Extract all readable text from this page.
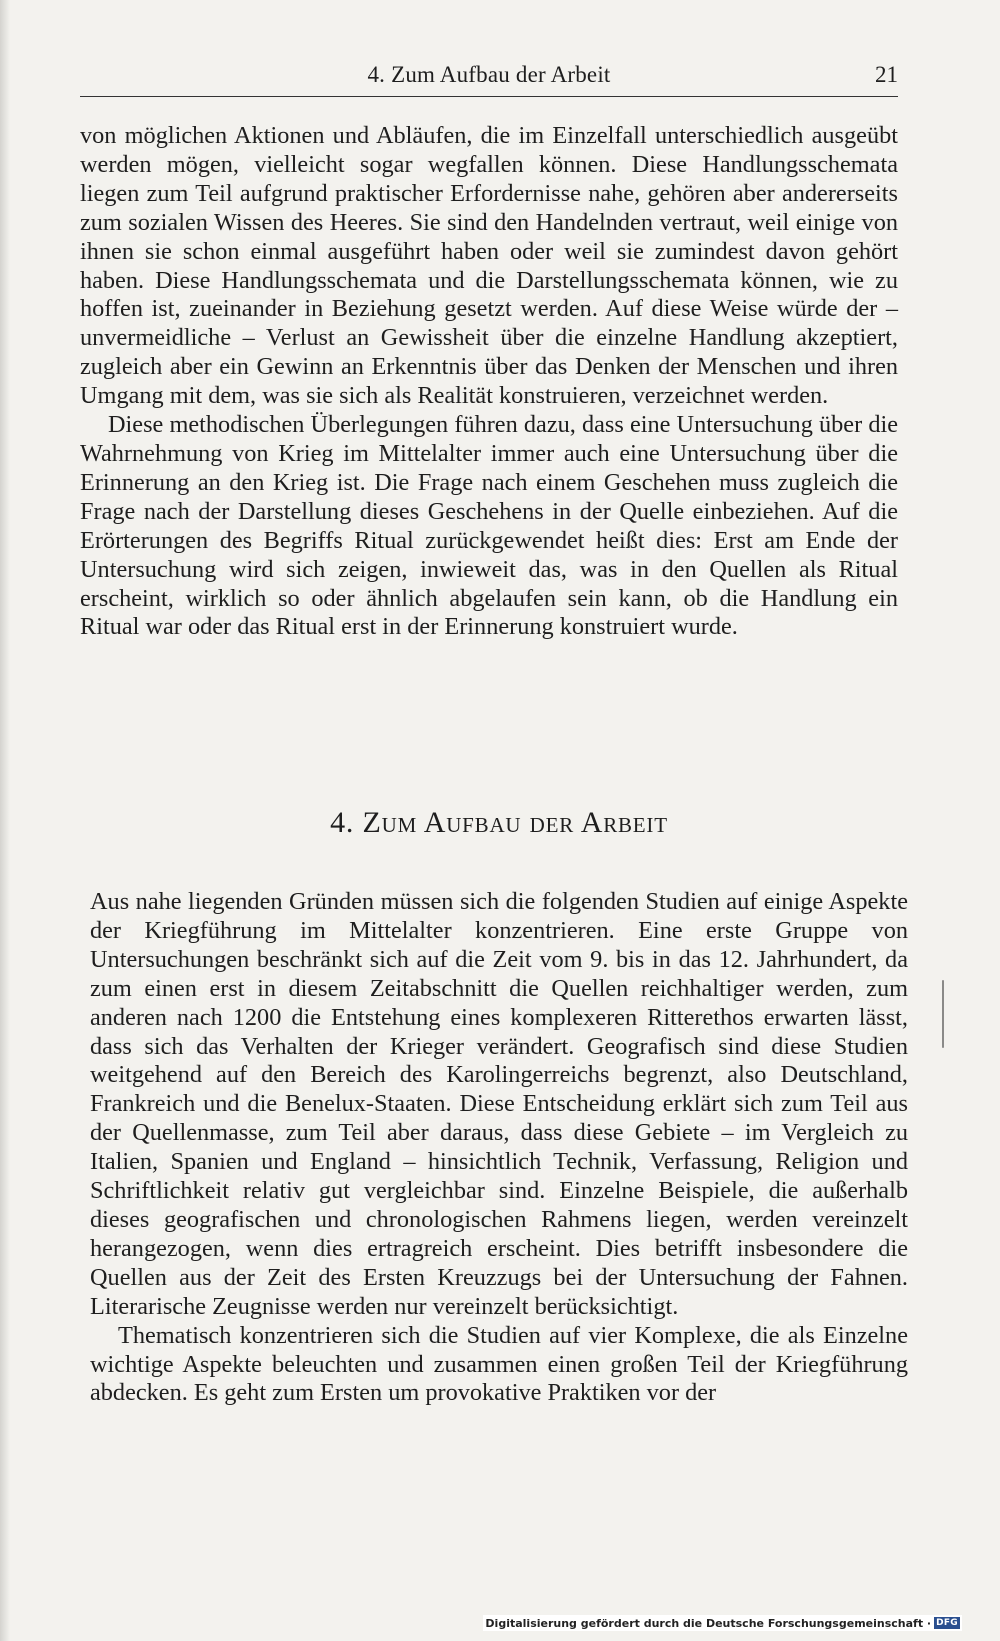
4. Zum Aufbau der Arbeit	21

von möglichen Aktionen und Abläufen, die im Einzelfall unterschiedlich ausgeübt werden mögen, vielleicht sogar wegfallen können. Diese Handlungsschemata liegen zum Teil aufgrund praktischer Erfordernisse nahe, gehören aber andererseits zum sozialen Wissen des Heeres. Sie sind den Handelnden vertraut, weil einige von ihnen sie schon einmal ausgeführt haben oder weil sie zumindest davon gehört haben. Diese Handlungsschemata und die Darstellungsschemata können, wie zu hoffen ist, zueinander in Beziehung gesetzt werden. Auf diese Weise würde der – unvermeidliche – Verlust an Gewissheit über die einzelne Handlung akzeptiert, zugleich aber ein Gewinn an Erkenntnis über das Denken der Menschen und ihren Umgang mit dem, was sie sich als Realität konstruieren, verzeichnet werden.

Diese methodischen Überlegungen führen dazu, dass eine Untersuchung über die Wahrnehmung von Krieg im Mittelalter immer auch eine Untersuchung über die Erinnerung an den Krieg ist. Die Frage nach einem Geschehen muss zugleich die Frage nach der Darstellung dieses Geschehens in der Quelle einbeziehen. Auf die Erörterungen des Begriffs Ritual zurückgewendet heißt dies: Erst am Ende der Untersuchung wird sich zeigen, inwieweit das, was in den Quellen als Ritual erscheint, wirklich so oder ähnlich abgelaufen sein kann, ob die Handlung ein Ritual war oder das Ritual erst in der Erinnerung konstruiert wurde.

4. Zum Aufbau der Arbeit

Aus nahe liegenden Gründen müssen sich die folgenden Studien auf einige Aspekte der Kriegführung im Mittelalter konzentrieren. Eine erste Gruppe von Untersuchungen beschränkt sich auf die Zeit vom 9. bis in das 12. Jahrhundert, da zum einen erst in diesem Zeitabschnitt die Quellen reichhaltiger werden, zum anderen nach 1200 die Entstehung eines komplexeren Ritterethos erwarten lässt, dass sich das Verhalten der Krieger verändert. Geografisch sind diese Studien weitgehend auf den Bereich des Karolingerreichs begrenzt, also Deutschland, Frankreich und die Benelux-Staaten. Diese Entscheidung erklärt sich zum Teil aus der Quellenmasse, zum Teil aber daraus, dass diese Gebiete – im Vergleich zu Italien, Spanien und England – hinsichtlich Technik, Verfassung, Religion und Schriftlichkeit relativ gut vergleichbar sind. Einzelne Beispiele, die außerhalb dieses geografischen und chronologischen Rahmens liegen, werden vereinzelt herangezogen, wenn dies ertragreich erscheint. Dies betrifft insbesondere die Quellen aus der Zeit des Ersten Kreuzzugs bei der Untersuchung der Fahnen. Literarische Zeugnisse werden nur vereinzelt berücksichtigt.

Thematisch konzentrieren sich die Studien auf vier Komplexe, die als Einzelne wichtige Aspekte beleuchten und zusammen einen großen Teil der Kriegführung abdecken. Es geht zum Ersten um provokative Praktiken vor der

Digitalisierung gefördert durch die Deutsche Forschungsgemeinschaft · DFG
